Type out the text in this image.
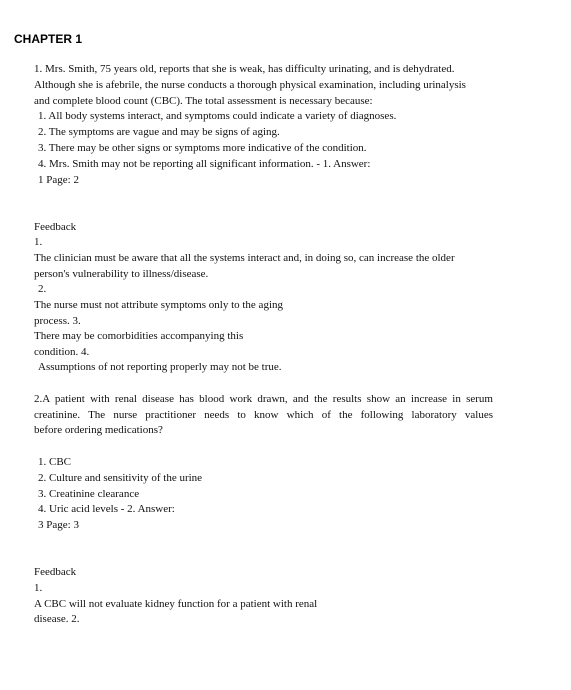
CHAPTER 1
1. Mrs. Smith, 75 years old, reports that she is weak, has difficulty urinating, and is dehydrated.
Although she is afebrile, the nurse conducts a thorough physical examination, including urinalysis
and complete blood count (CBC). The total assessment is necessary because:
1. All body systems interact, and symptoms could indicate a variety of diagnoses.
2. The symptoms are vague and may be signs of aging.
3. There may be other signs or symptoms more indicative of the condition.
4. Mrs. Smith may not be reporting all significant information. - 1. Answer:
1 Page: 2
Feedback
1.
The clinician must be aware that all the systems interact and, in doing so, can increase the older
person's vulnerability to illness/disease.
2.
The nurse must not attribute symptoms only to the aging
process. 3.
There may be comorbidities accompanying this
condition. 4.
Assumptions of not reporting properly may not be true.
2.A patient with renal disease has blood work drawn, and the results show an increase in serum
creatinine. The nurse practitioner needs to know which of the following laboratory values
before ordering medications?
1. CBC
2. Culture and sensitivity of the urine
3. Creatinine clearance
4. Uric acid levels - 2. Answer:
3 Page: 3
Feedback
1.
A CBC will not evaluate kidney function for a patient with renal
disease. 2.
